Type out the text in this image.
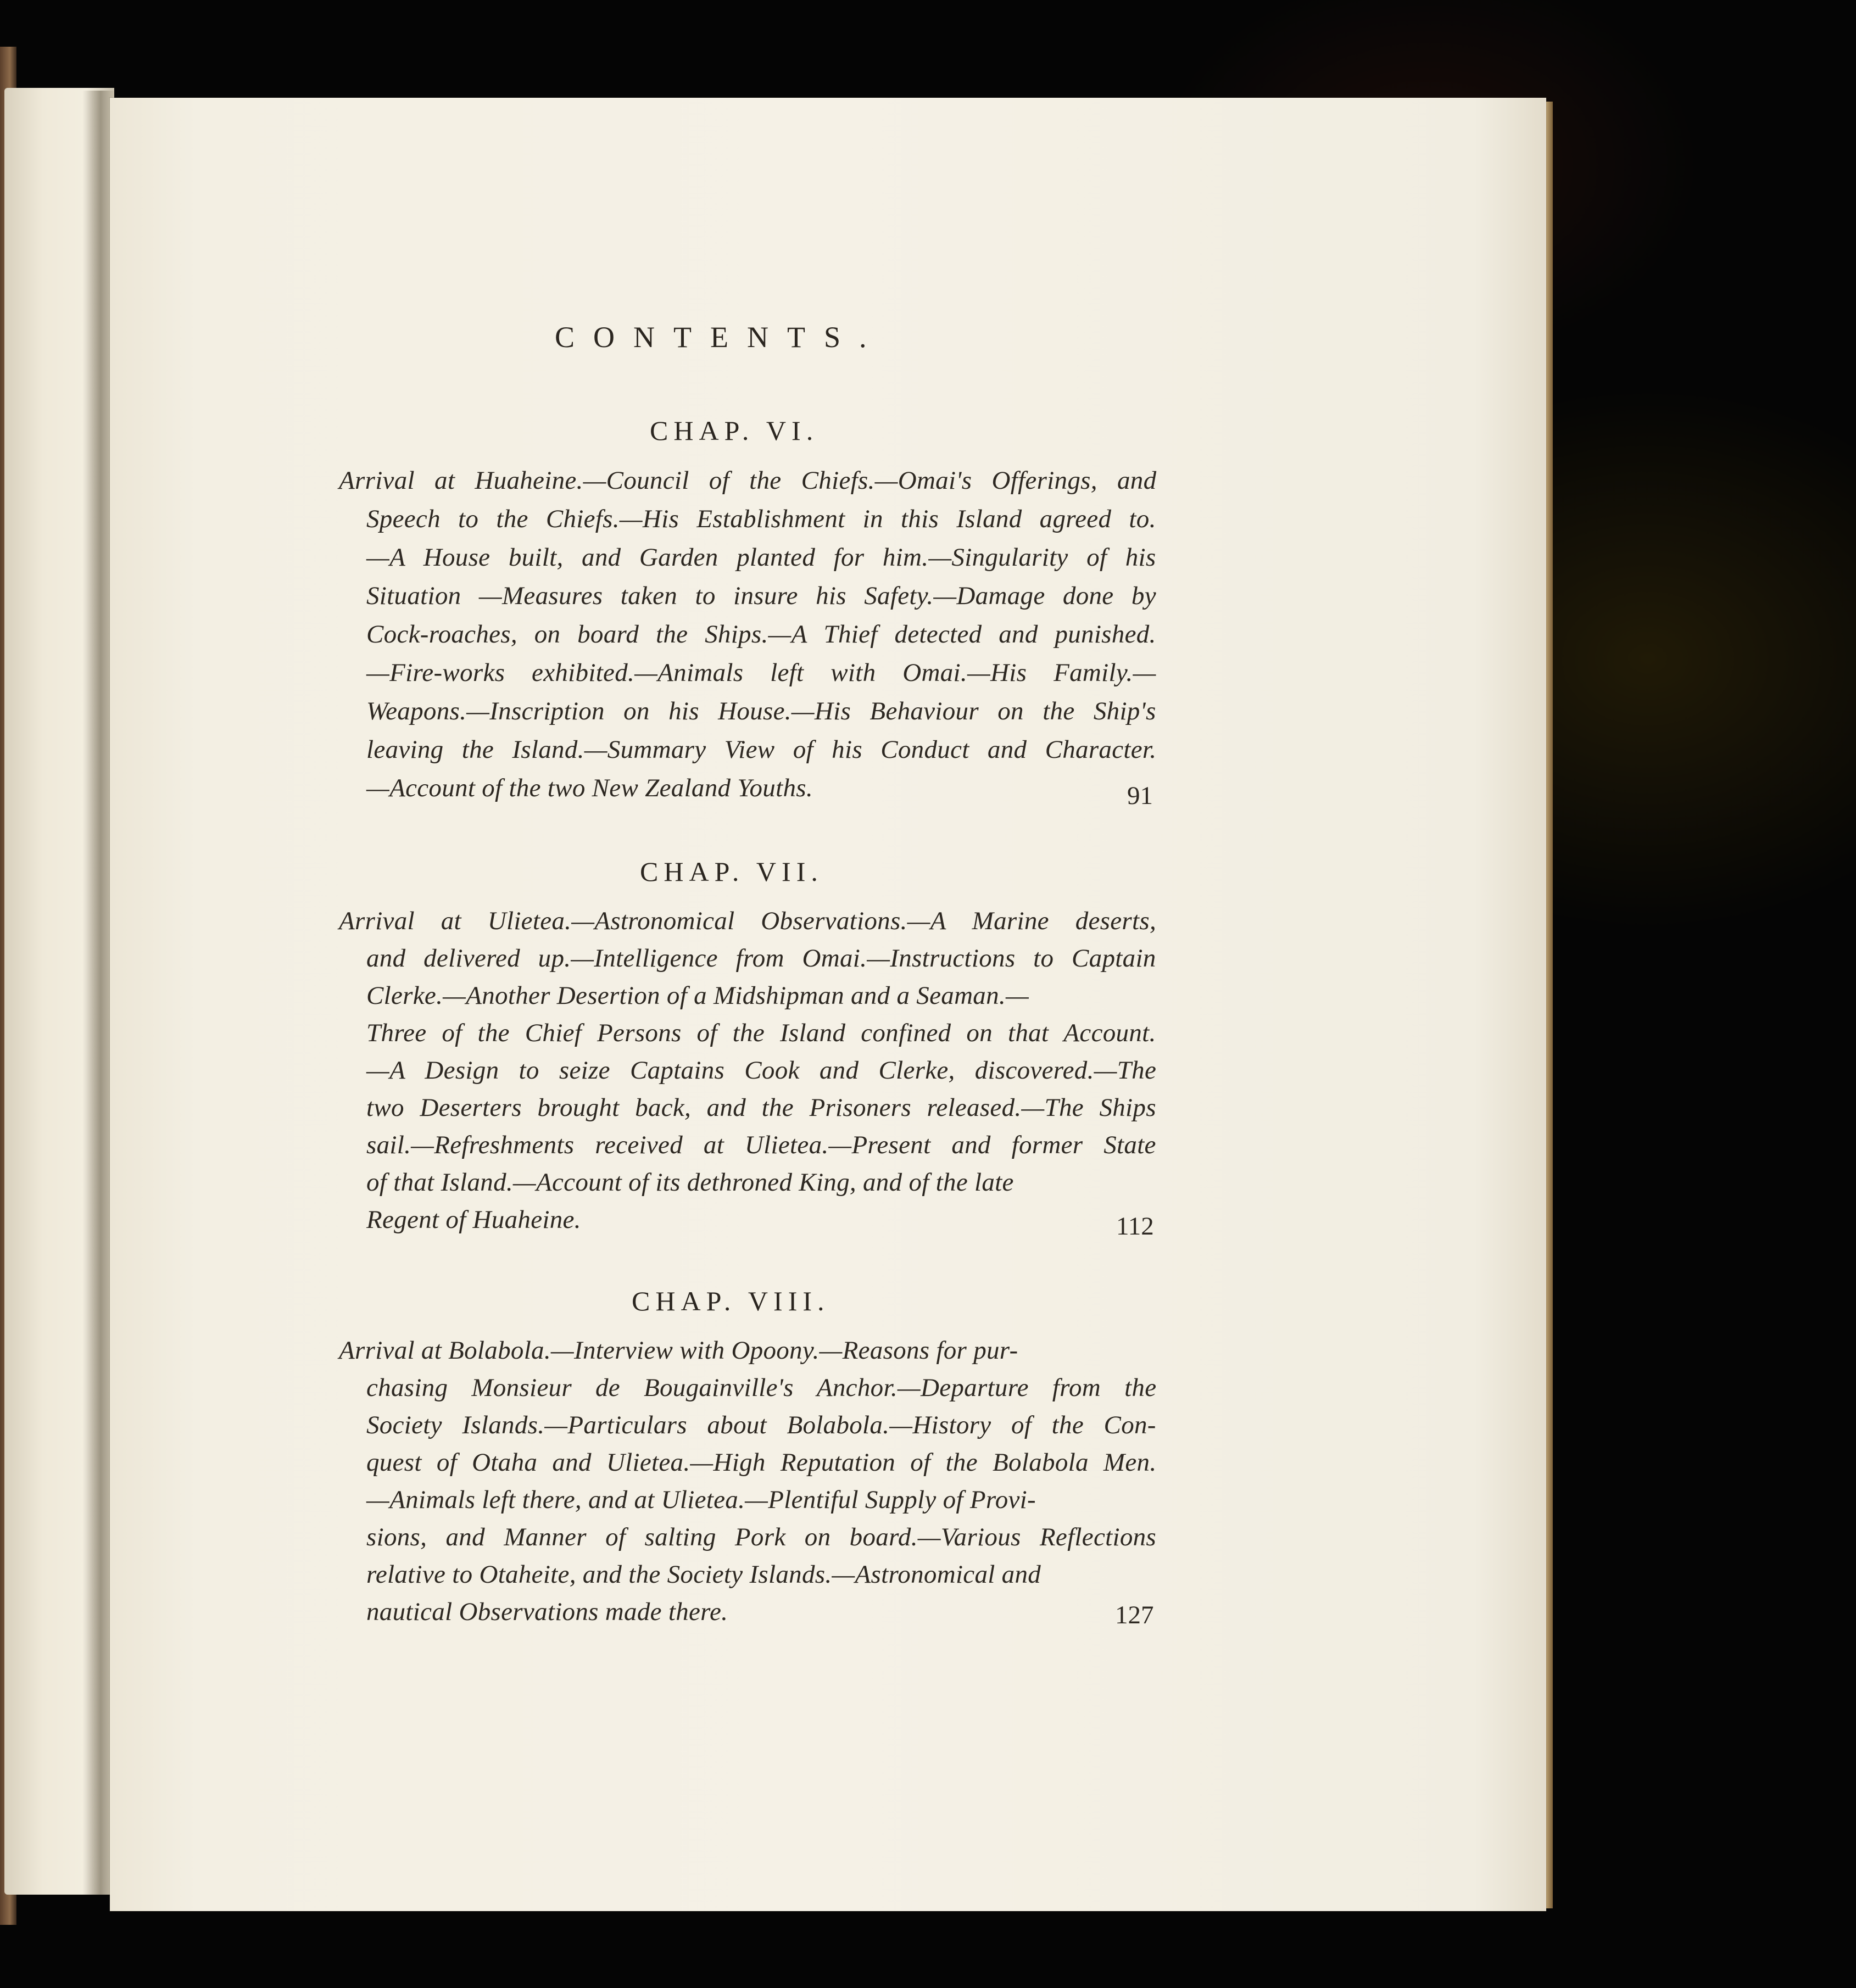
CONTENTS.
CHAP. VI.
Arrival at Huaheine.—Council of the Chiefs.—Omai's Offerings, and
Speech to the Chiefs.—His Establishment in this Island agreed to.
—A House built, and Garden planted for him.—Singularity of his
Situation —Measures taken to insure his Safety.—Damage done by
Cock-roaches, on board the Ships.—A Thief detected and punished.
—Fire-works exhibited.—Animals left with Omai.—His Family.—
Weapons.—Inscription on his House.—His Behaviour on the Ship's
leaving the Island.—Summary View of his Conduct and Character.
—Account of the two New Zealand Youths.	91
CHAP. VII.
Arrival at Ulietea.—Astronomical Observations.—A Marine deserts,
and delivered up.—Intelligence from Omai.—Instructions to Captain
Clerke.—Another Desertion of a Midshipman and a Seaman.—
Three of the Chief Persons of the Island confined on that Account.
—A Design to seize Captains Cook and Clerke, discovered.—The
two Deserters brought back, and the Prisoners released.—The Ships
sail.—Refreshments received at Ulietea.—Present and former State
of that Island.—Account of its dethroned King, and of the late
Regent of Huaheine.	112
CHAP. VIII.
Arrival at Bolabola.—Interview with Opoony.—Reasons for pur-
chasing Monsieur de Bougainville's Anchor.—Departure from the
Society Islands.—Particulars about Bolabola.—History of the Con-
quest of Otaha and Ulietea.—High Reputation of the Bolabola Men.
—Animals left there, and at Ulietea.—Plentiful Supply of Provi-
sions, and Manner of salting Pork on board.—Various Reflections
relative to Otaheite, and the Society Islands.—Astronomical and
nautical Observations made there.	127
